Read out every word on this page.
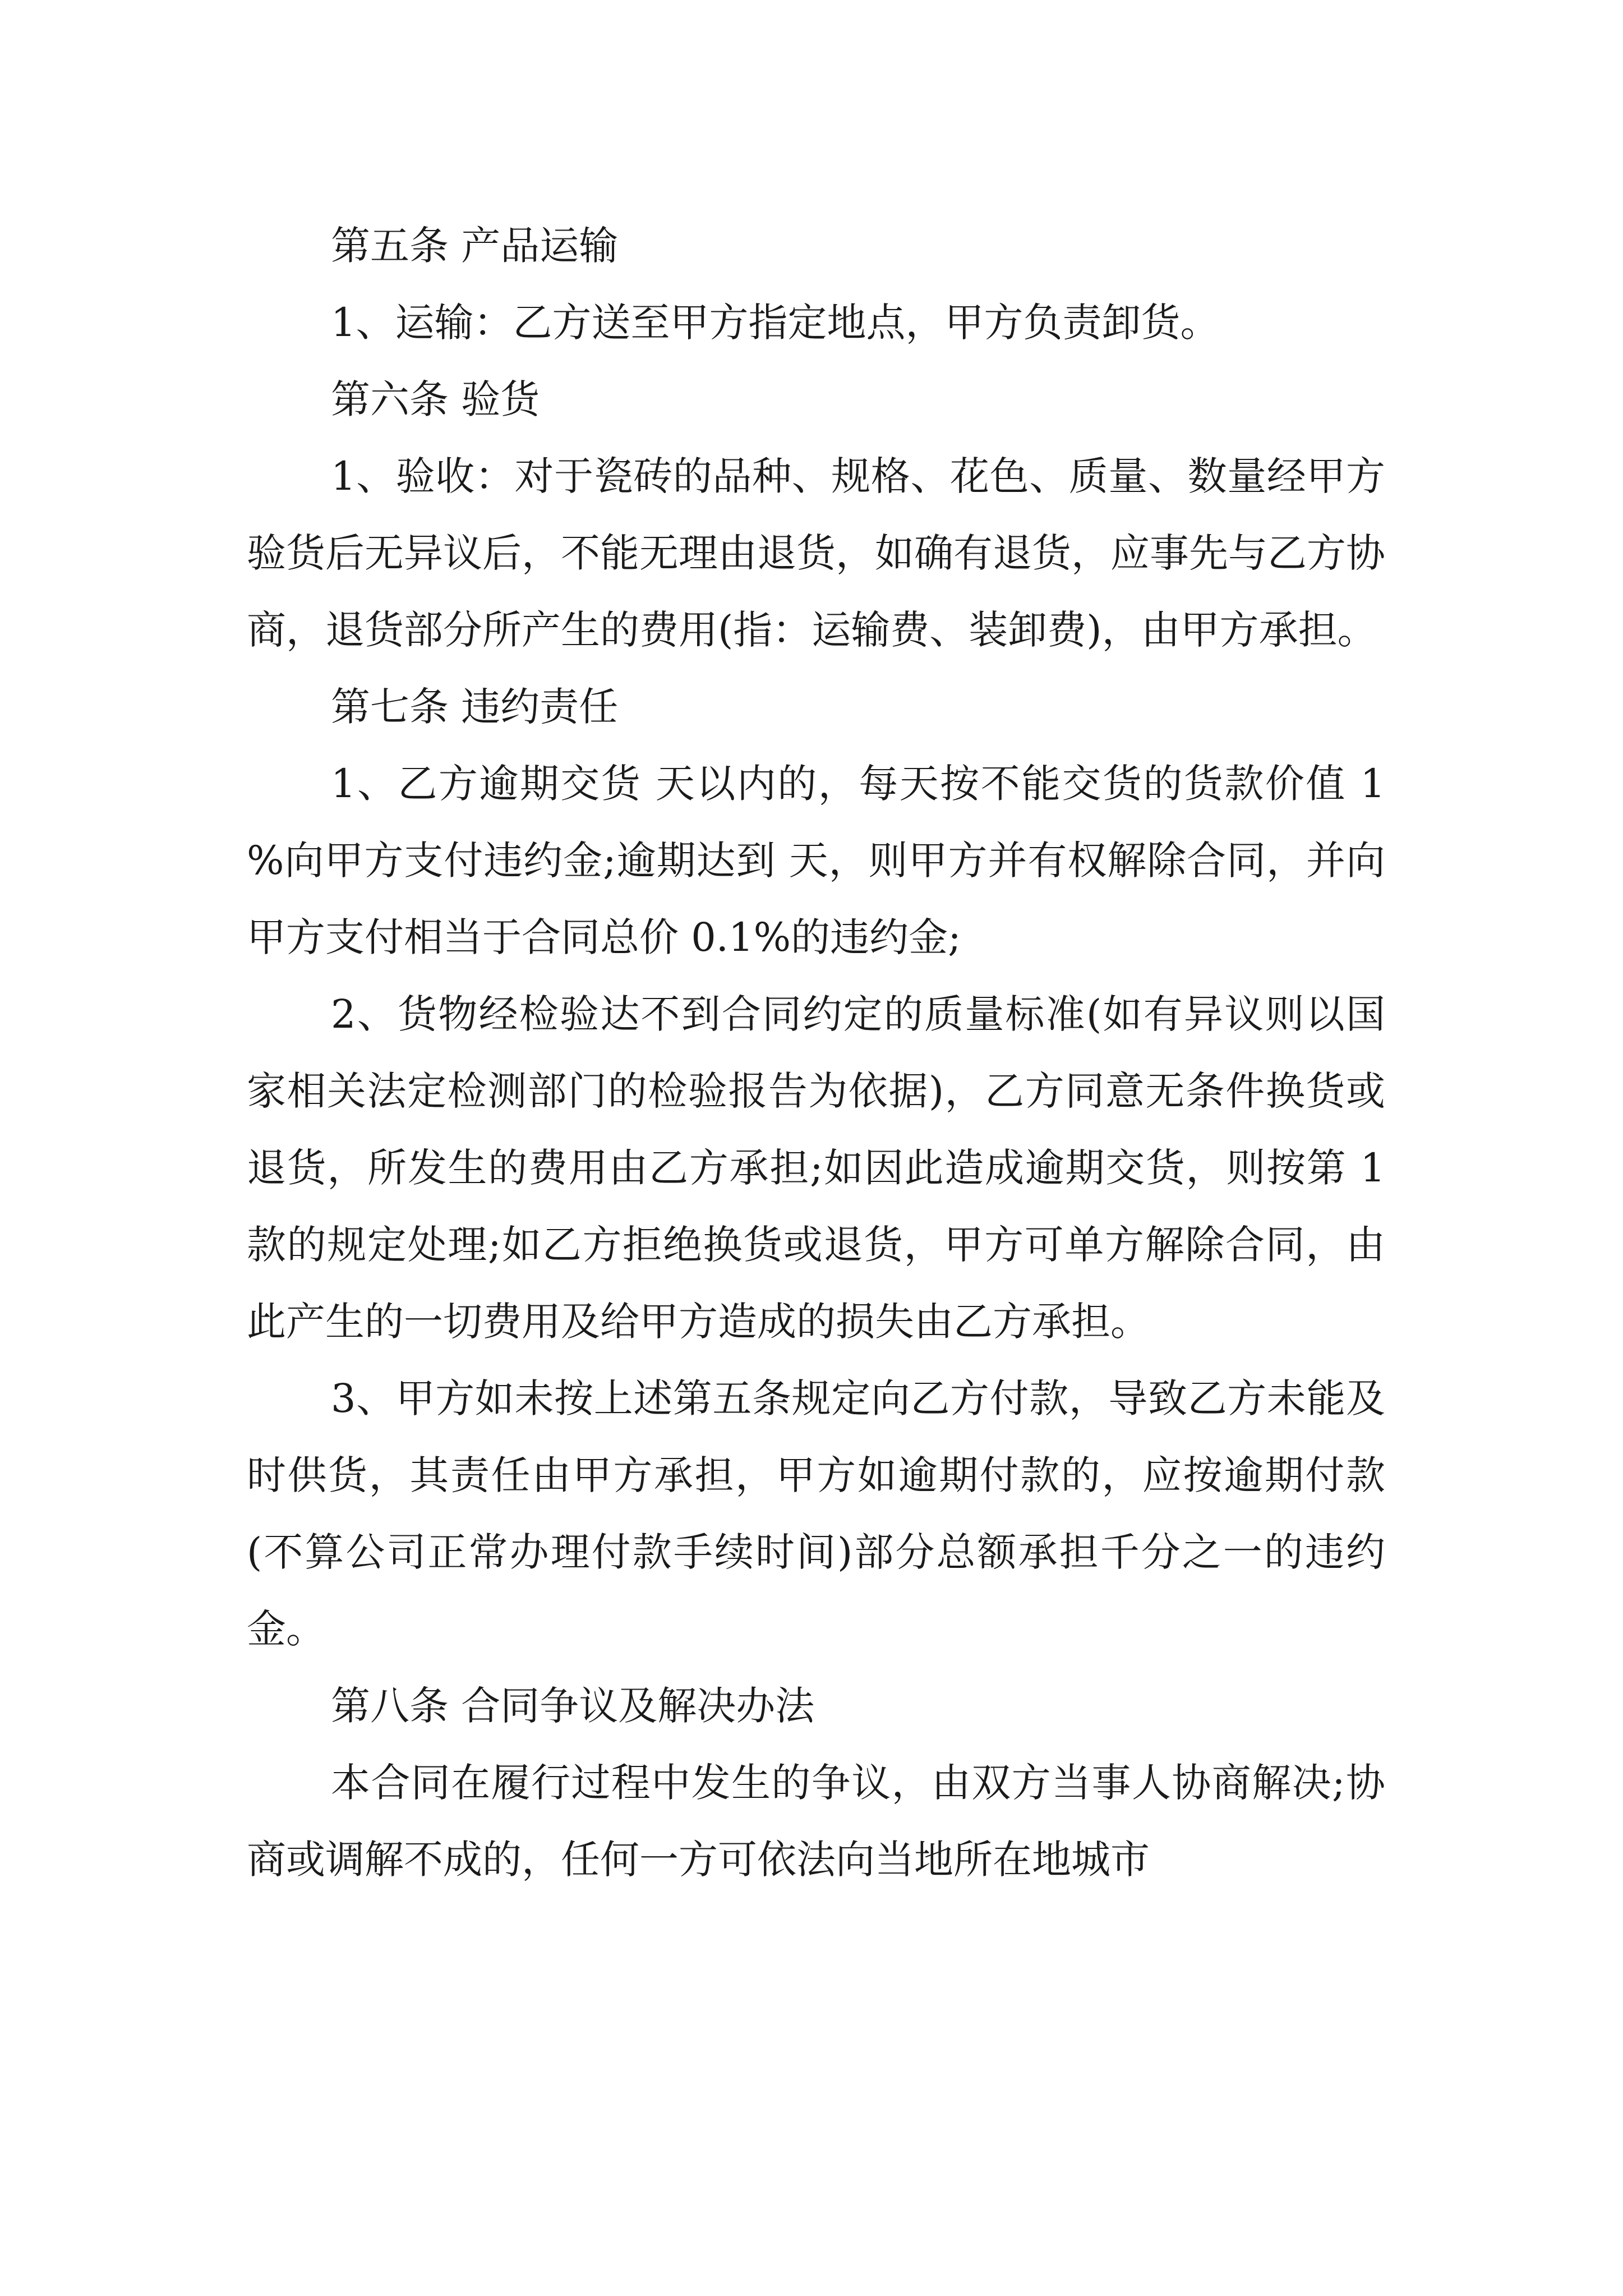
第五条 产品运输

1、运输：乙方送至甲方指定地点，甲方负责卸货。

第六条 验货

1、验收：对于瓷砖的品种、规格、花色、质量、数量经甲方验货后无异议后，不能无理由退货，如确有退货，应事先与乙方协商，退货部分所产生的费用(指：运输费、装卸费)，由甲方承担。

第七条 违约责任

1、乙方逾期交货 天以内的，每天按不能交货的货款价值 1 %向甲方支付违约金;逾期达到 天，则甲方并有权解除合同，并向甲方支付相当于合同总价 0.1%的违约金;

2、货物经检验达不到合同约定的质量标准(如有异议则以国家相关法定检测部门的检验报告为依据)，乙方同意无条件换货或退货，所发生的费用由乙方承担;如因此造成逾期交货，则按第 1 款的规定处理;如乙方拒绝换货或退货，甲方可单方解除合同，由此产生的一切费用及给甲方造成的损失由乙方承担。

3、甲方如未按上述第五条规定向乙方付款，导致乙方未能及时供货，其责任由甲方承担，甲方如逾期付款的，应按逾期付款(不算公司正常办理付款手续时间)部分总额承担千分之一的违约金。

第八条 合同争议及解决办法

本合同在履行过程中发生的争议，由双方当事人协商解决;协商或调解不成的，任何一方可依法向当地所在地城市
